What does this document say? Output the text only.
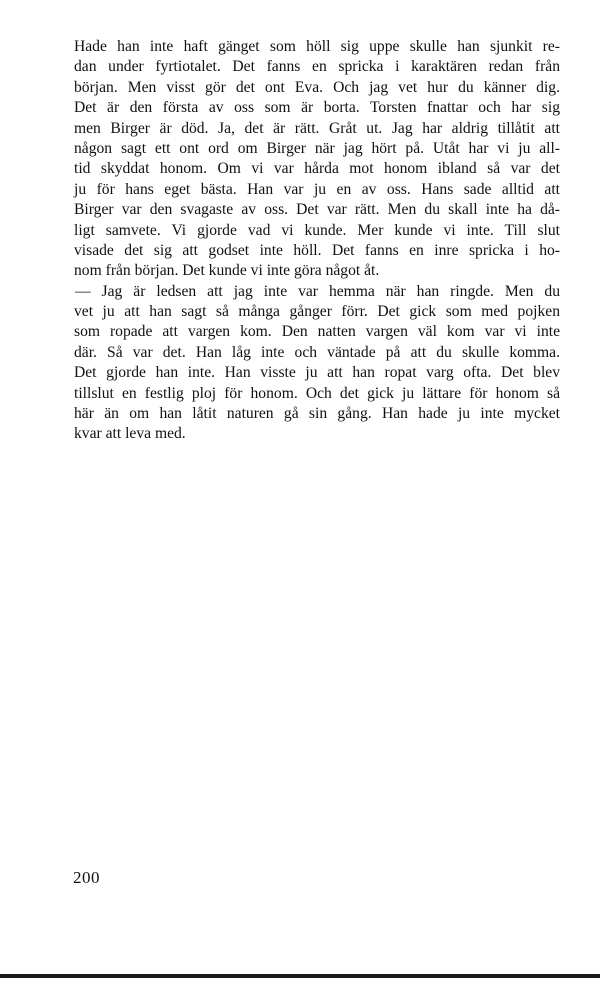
Hade han inte haft gänget som höll sig uppe skulle han sjunkit re-
dan under fyrtiotalet. Det fanns en spricka i karaktären redan från
början. Men visst gör det ont Eva. Och jag vet hur du känner dig.
Det är den första av oss som är borta. Torsten fnattar och har sig
men Birger är död. Ja, det är rätt. Gråt ut. Jag har aldrig tillåtit att
någon sagt ett ont ord om Birger när jag hört på. Utåt har vi ju all-
tid skyddat honom. Om vi var hårda mot honom ibland så var det
ju för hans eget bästa. Han var ju en av oss. Hans sade alltid att
Birger var den svagaste av oss. Det var rätt. Men du skall inte ha då-
ligt samvete. Vi gjorde vad vi kunde. Mer kunde vi inte. Till slut
visade det sig att godset inte höll. Det fanns en inre spricka i ho-
nom från början. Det kunde vi inte göra något åt.
— Jag är ledsen att jag inte var hemma när han ringde. Men du
vet ju att han sagt så många gånger förr. Det gick som med pojken
som ropade att vargen kom. Den natten vargen väl kom var vi inte
där. Så var det. Han låg inte och väntade på att du skulle komma.
Det gjorde han inte. Han visste ju att han ropat varg ofta. Det blev
tillslut en festlig ploj för honom. Och det gick ju lättare för honom så
här än om han låtit naturen gå sin gång. Han hade ju inte mycket
kvar att leva med.
200
